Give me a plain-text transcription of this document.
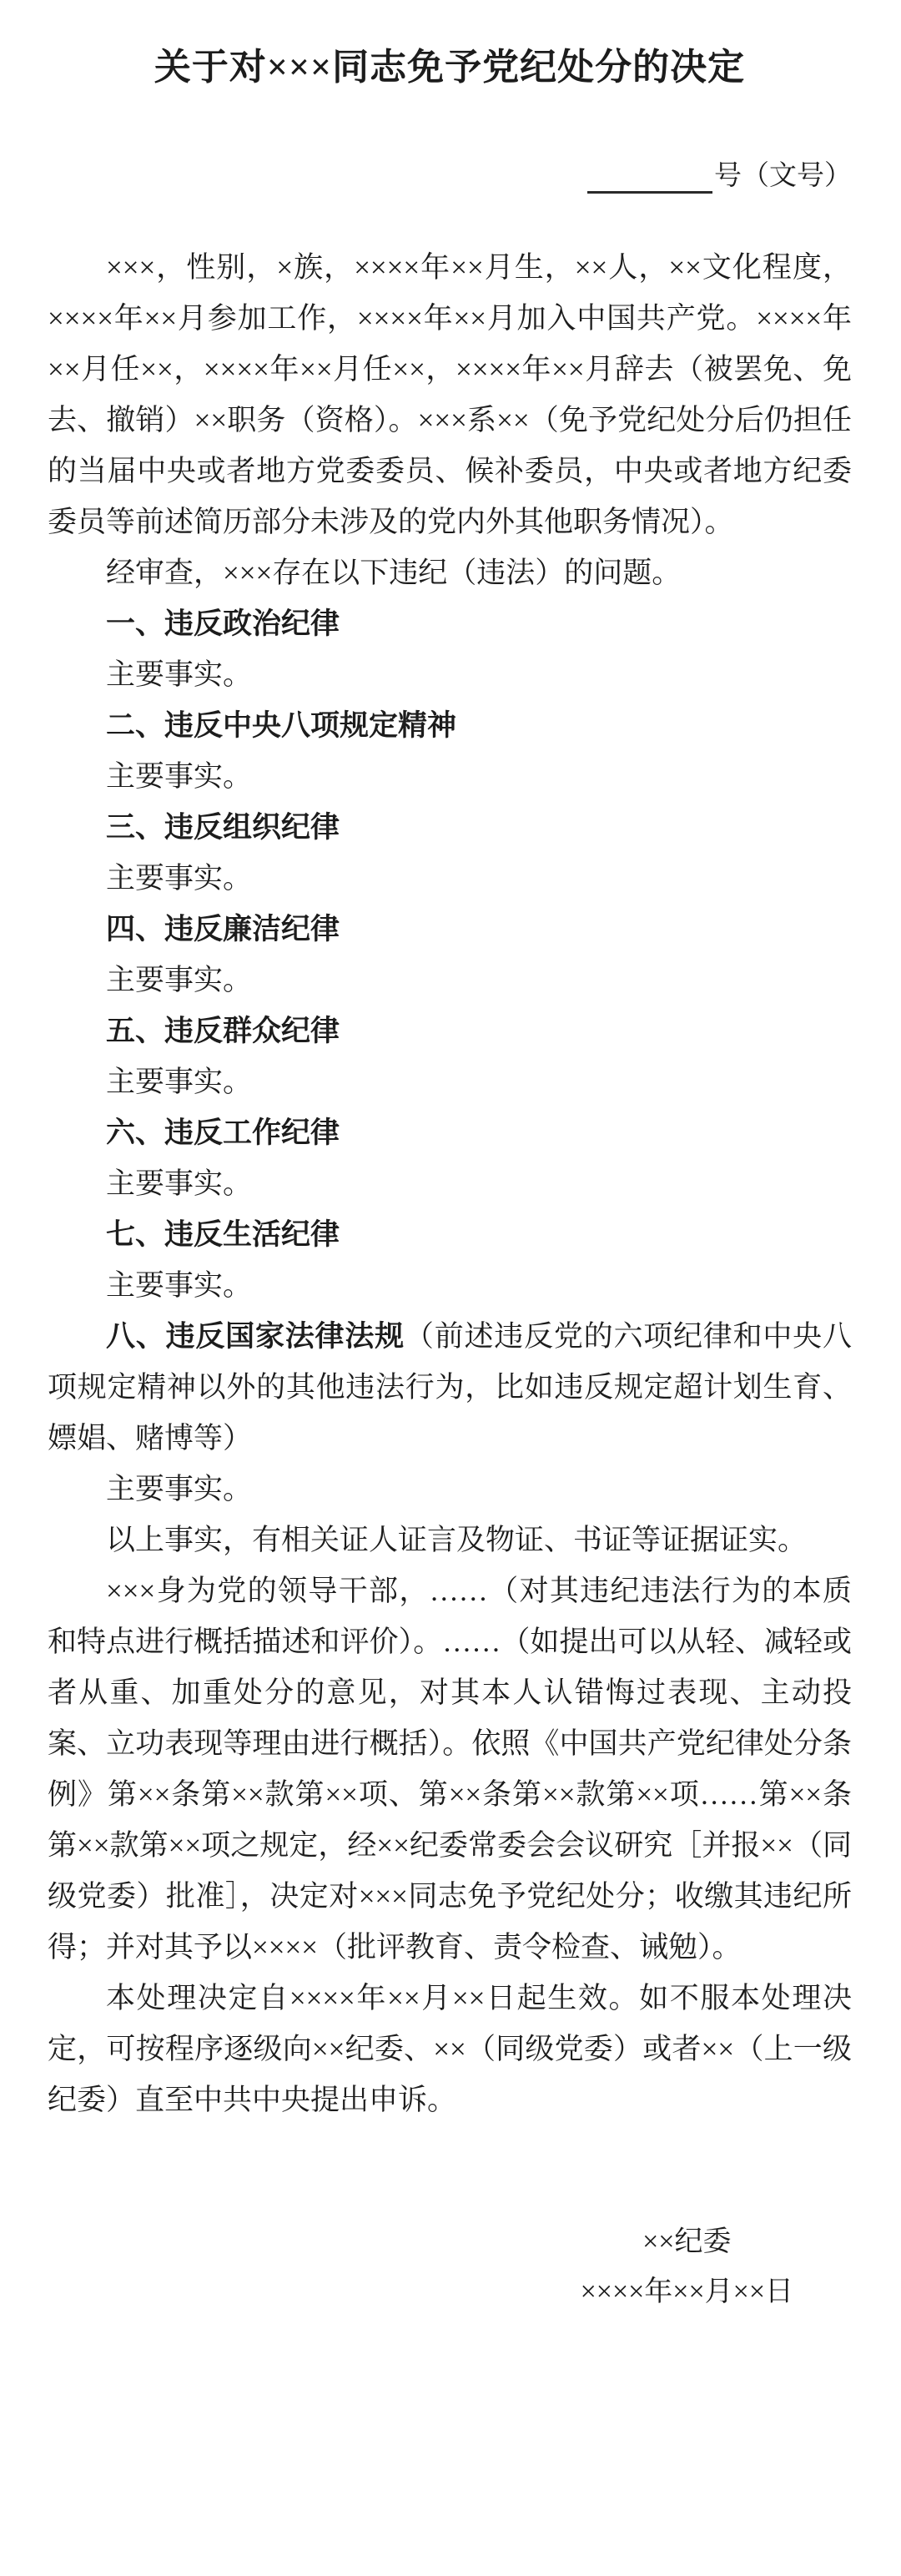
关于对×××同志免予党纪处分的决定
号（文号）

×××，性别，×族，××××年××月生，××人，××文化程度，××××年××月参加工作，××××年××月加入中国共产党。××××年××月任××，××××年××月任××，××××年××月辞去（被罢免、免去、撤销）××职务（资格）。×××系××（免予党纪处分后仍担任的当届中央或者地方党委委员、候补委员，中央或者地方纪委委员等前述简历部分未涉及的党内外其他职务情况）。

经审查，×××存在以下违纪（违法）的问题。

一、违反政治纪律

主要事实。

二、违反中央八项规定精神

主要事实。

三、违反组织纪律

主要事实。

四、违反廉洁纪律

主要事实。

五、违反群众纪律

主要事实。

六、违反工作纪律

主要事实。

七、违反生活纪律

主要事实。

八、违反国家法律法规（前述违反党的六项纪律和中央八项规定精神以外的其他违法行为，比如违反规定超计划生育、嫖娼、赌博等）

主要事实。

以上事实，有相关证人证言及物证、书证等证据证实。

×××身为党的领导干部，……（对其违纪违法行为的本质和特点进行概括描述和评价）。……（如提出可以从轻、减轻或者从重、加重处分的意见，对其本人认错悔过表现、主动投案、立功表现等理由进行概括）。依照《中国共产党纪律处分条例》第××条第××款第××项、第××条第××款第××项……第××条第××款第××项之规定，经××纪委常委会会议研究［并报××（同级党委）批准］，决定对×××同志免予党纪处分；收缴其违纪所得；并对其予以××××（批评教育、责令检查、诫勉）。

本处理决定自××××年××月××日起生效。如不服本处理决定，可按程序逐级向××纪委、××（同级党委）或者××（上一级纪委）直至中共中央提出申诉。

××纪委
××××年××月××日
